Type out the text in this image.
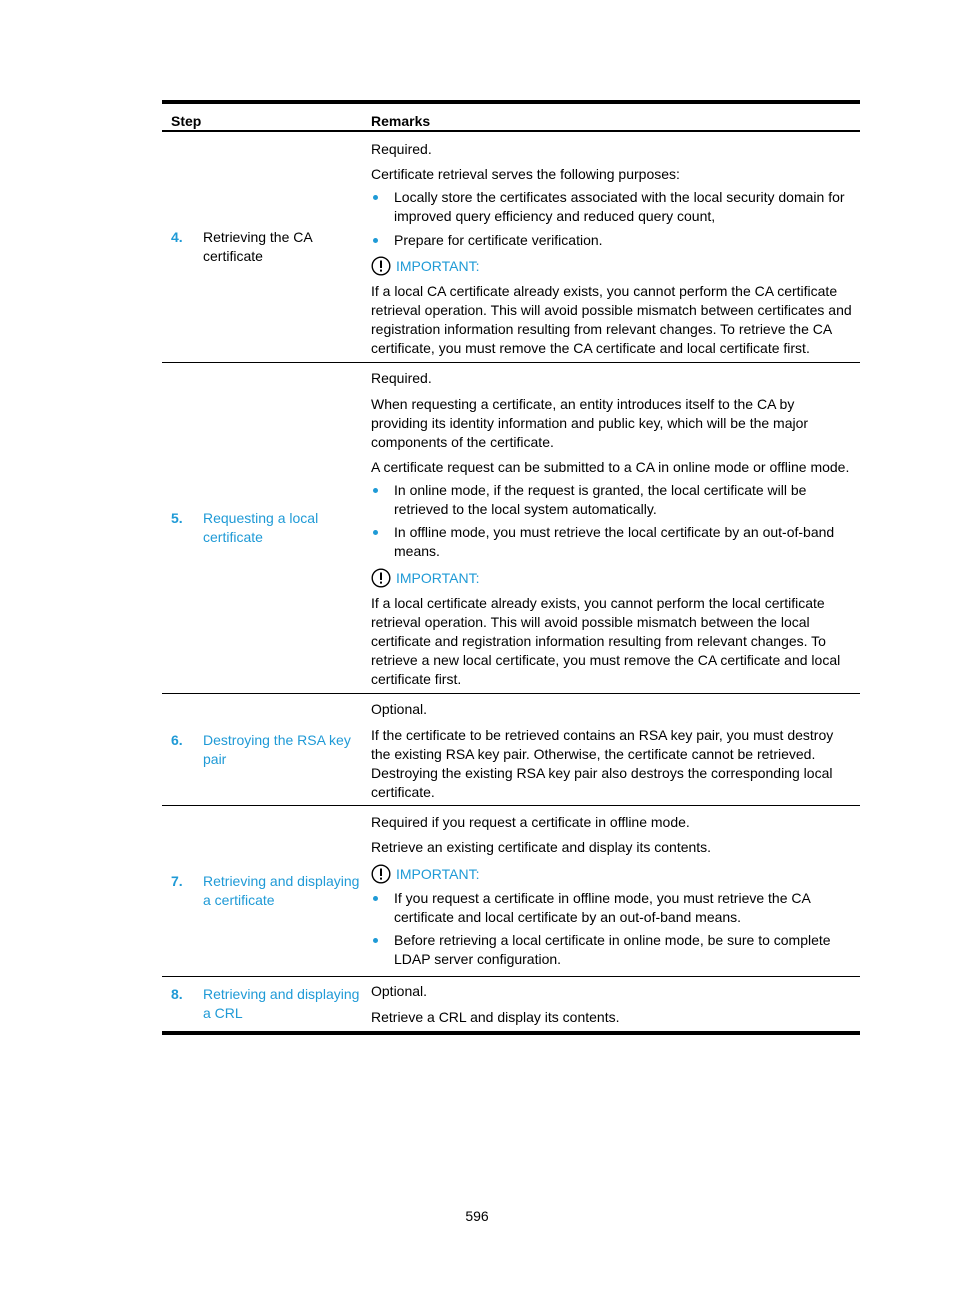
Step	Remarks
4.	Retrieving the CA certificate

Required.

Certificate retrieval serves the following purposes:

Locally store the certificates associated with the local security domain for improved query efficiency and reduced query count,
Prepare for certificate verification.
IMPORTANT:

If a local CA certificate already exists, you cannot perform the CA certificate retrieval operation. This will avoid possible mismatch between certificates and registration information resulting from relevant changes. To retrieve the CA certificate, you must remove the CA certificate and local certificate first.

5.	Requesting a local certificate

Required.

When requesting a certificate, an entity introduces itself to the CA by providing its identity information and public key, which will be the major components of the certificate.

A certificate request can be submitted to a CA in online mode or offline mode.

In online mode, if the request is granted, the local certificate will be retrieved to the local system automatically.
In offline mode, you must retrieve the local certificate by an out-of-band means.
IMPORTANT:

If a local certificate already exists, you cannot perform the local certificate retrieval operation. This will avoid possible mismatch between the local certificate and registration information resulting from relevant changes. To retrieve a new local certificate, you must remove the CA certificate and local certificate first.

6.	Destroying the RSA key pair

Optional.

If the certificate to be retrieved contains an RSA key pair, you must destroy the existing RSA key pair. Otherwise, the certificate cannot be retrieved. Destroying the existing RSA key pair also destroys the corresponding local certificate.

7.	Retrieving and displaying a certificate

Required if you request a certificate in offline mode.

Retrieve an existing certificate and display its contents.

IMPORTANT:
If you request a certificate in offline mode, you must retrieve the CA certificate and local certificate by an out-of-band means.
Before retrieving a local certificate in online mode, be sure to complete LDAP server configuration.
8.	Retrieving and displaying a CRL

Optional.

Retrieve a CRL and display its contents.

596
